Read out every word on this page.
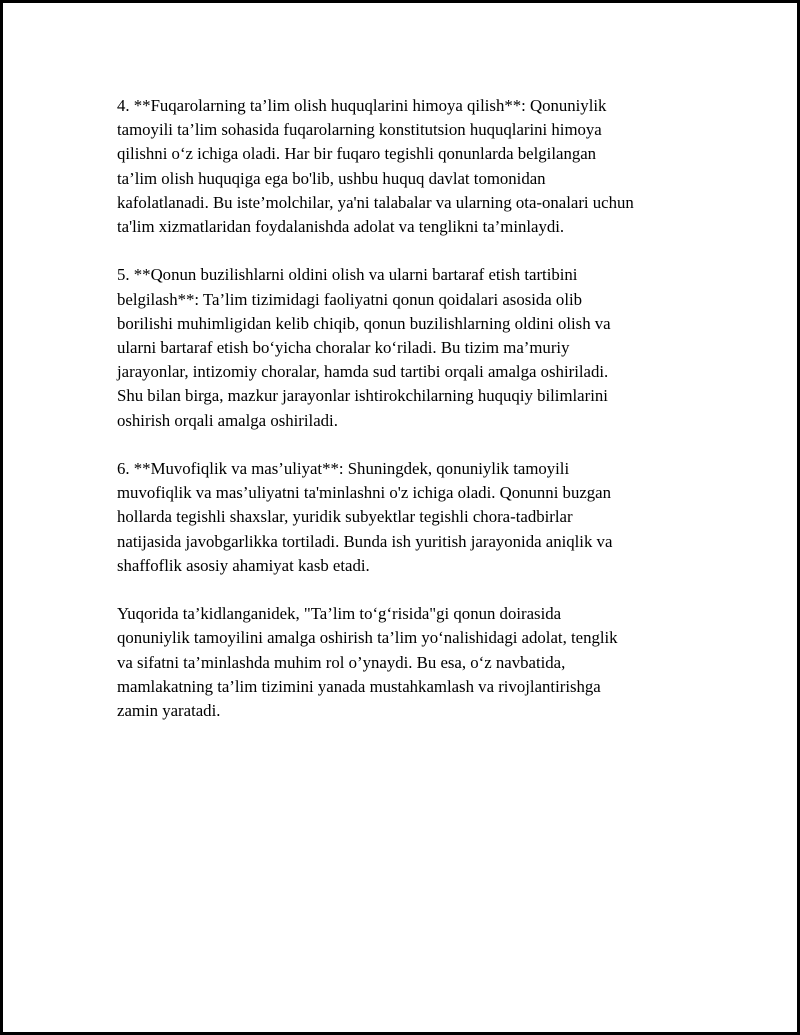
4. **Fuqarolarning ta’lim olish huquqlarini himoya qilish**: Qonuniylik
tamoyili ta’lim sohasida fuqarolarning konstitutsion huquqlarini himoya
qilishni o‘z ichiga oladi. Har bir fuqaro tegishli qonunlarda belgilangan
ta’lim olish huquqiga ega bo'lib, ushbu huquq davlat tomonidan
kafolatlanadi. Bu iste’molchilar, ya'ni talabalar va ularning ota-onalari uchun
ta'lim xizmatlaridan foydalanishda adolat va tenglikni ta’minlaydi.
5. **Qonun buzilishlarni oldini olish va ularni bartaraf etish tartibini
belgilash**: Ta’lim tizimidagi faoliyatni qonun qoidalari asosida olib
borilishi muhimligidan kelib chiqib, qonun buzilishlarning oldini olish va
ularni bartaraf etish bo‘yicha choralar ko‘riladi. Bu tizim ma’muriy
jarayonlar, intizomiy choralar, hamda sud tartibi orqali amalga oshiriladi.
Shu bilan birga, mazkur jarayonlar ishtirokchilarning huquqiy bilimlarini
oshirish orqali amalga oshiriladi.
6. **Muvofiqlik va mas’uliyat**: Shuningdek, qonuniylik tamoyili
muvofiqlik va mas’uliyatni ta'minlashni o'z ichiga oladi. Qonunni buzgan
hollarda tegishli shaxslar, yuridik subyektlar tegishli chora-tadbirlar
natijasida javobgarlikka tortiladi. Bunda ish yuritish jarayonida aniqlik va
shaffoflik asosiy ahamiyat kasb etadi.
Yuqorida ta’kidlanganidek, "Ta’lim to‘g‘risida"gi qonun doirasida
qonuniylik tamoyilini amalga oshirish ta’lim yo‘nalishidagi adolat, tenglik
va sifatni ta’minlashda muhim rol o’ynaydi. Bu esa, o‘z navbatida,
mamlakatning ta’lim tizimini yanada mustahkamlash va rivojlantirishga
zamin yaratadi.
